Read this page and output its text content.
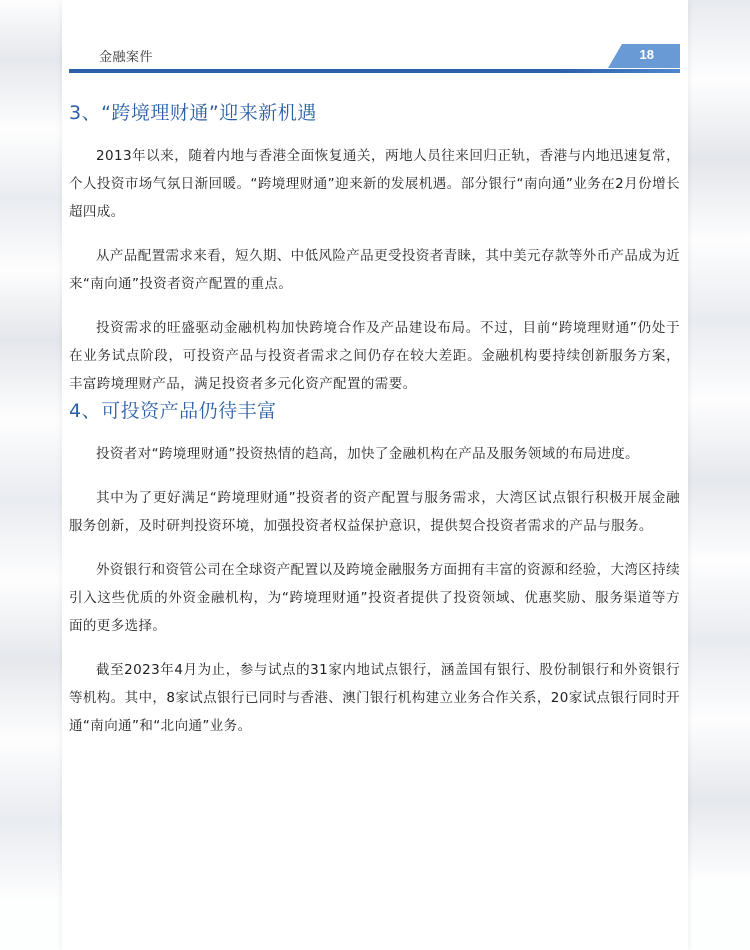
金融案件	18
3、“跨境理财通”迎来新机遇

2013年以来，随着内地与香港全面恢复通关，两地人员往来回归正轨，香港与内地迅速复常，个人投资市场气氛日渐回暖。“跨境理财通”迎来新的发展机遇。部分银行“南向通”业务在2月份增长超四成。

从产品配置需求来看，短久期、中低风险产品更受投资者青睐，其中美元存款等外币产品成为近来“南向通”投资者资产配置的重点。

投资需求的旺盛驱动金融机构加快跨境合作及产品建设布局。不过，目前“跨境理财通”仍处于在业务试点阶段，可投资产品与投资者需求之间仍存在较大差距。金融机构要持续创新服务方案，丰富跨境理财产品，满足投资者多元化资产配置的需要。

4、可投资产品仍待丰富

投资者对“跨境理财通”投资热情的趋高，加快了金融机构在产品及服务领域的布局进度。

其中为了更好满足“跨境理财通”投资者的资产配置与服务需求，大湾区试点银行积极开展金融服务创新，及时研判投资环境，加强投资者权益保护意识，提供契合投资者需求的产品与服务。

外资银行和资管公司在全球资产配置以及跨境金融服务方面拥有丰富的资源和经验，大湾区持续引入这些优质的外资金融机构，为“跨境理财通”投资者提供了投资领域、优惠奖励、服务渠道等方面的更多选择。

截至2023年4月为止，参与试点的31家内地试点银行，涵盖国有银行、股份制银行和外资银行等机构。其中，8家试点银行已同时与香港、澳门银行机构建立业务合作关系，20家试点银行同时开通“南向通”和“北向通”业务。
